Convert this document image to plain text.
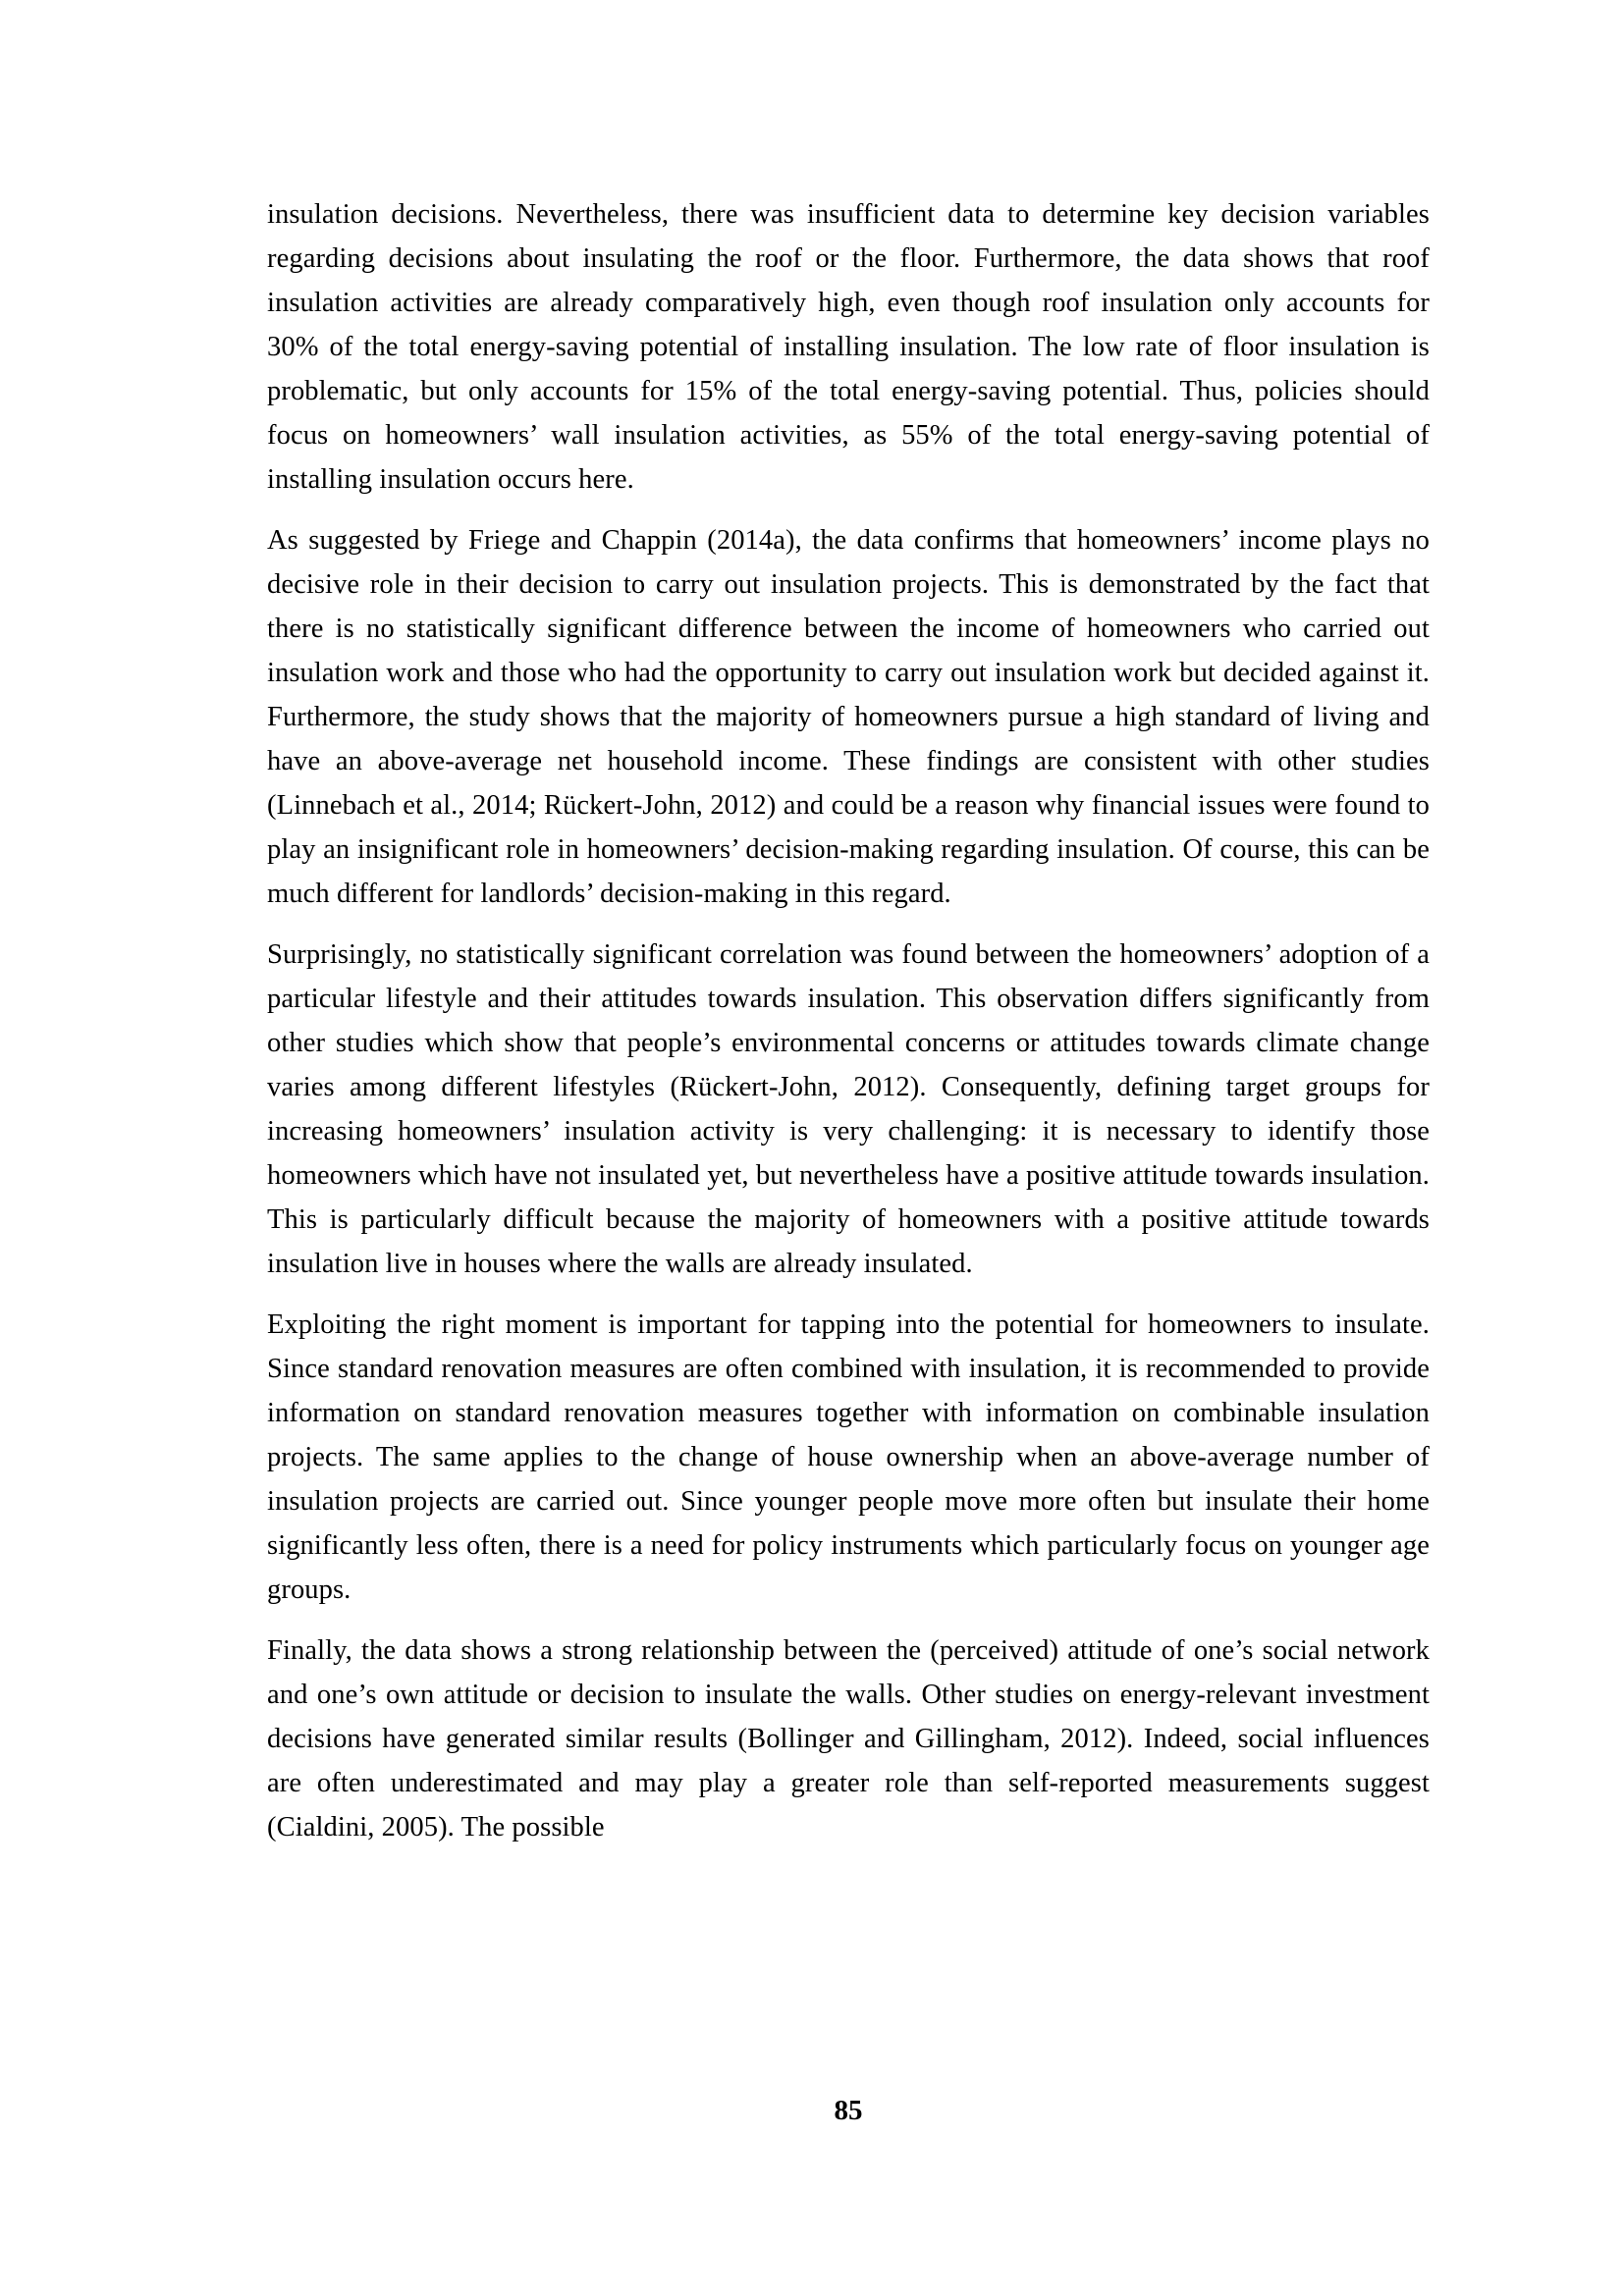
insulation decisions. Nevertheless, there was insufficient data to determine key decision variables regarding decisions about insulating the roof or the floor. Furthermore, the data shows that roof insulation activities are already comparatively high, even though roof insulation only accounts for 30% of the total energy-saving potential of installing insulation. The low rate of floor insulation is problematic, but only accounts for 15% of the total energy-saving potential. Thus, policies should focus on homeowners’ wall insulation activities, as 55% of the total energy-saving potential of installing insulation occurs here.

As suggested by Friege and Chappin (2014a), the data confirms that homeowners’ income plays no decisive role in their decision to carry out insulation projects. This is demonstrated by the fact that there is no statistically significant difference between the income of homeowners who carried out insulation work and those who had the opportunity to carry out insulation work but decided against it. Furthermore, the study shows that the majority of homeowners pursue a high standard of living and have an above-average net household income. These findings are consistent with other studies (Linnebach et al., 2014; Rückert-John, 2012) and could be a reason why financial issues were found to play an insignificant role in homeowners’ decision-making regarding insulation. Of course, this can be much different for landlords’ decision-making in this regard.

Surprisingly, no statistically significant correlation was found between the homeowners’ adoption of a particular lifestyle and their attitudes towards insulation. This observation differs significantly from other studies which show that people’s environmental concerns or attitudes towards climate change varies among different lifestyles (Rückert-John, 2012). Consequently, defining target groups for increasing homeowners’ insulation activity is very challenging: it is necessary to identify those homeowners which have not insulated yet, but nevertheless have a positive attitude towards insulation. This is particularly difficult because the majority of homeowners with a positive attitude towards insulation live in houses where the walls are already insulated.

Exploiting the right moment is important for tapping into the potential for homeowners to insulate. Since standard renovation measures are often combined with insulation, it is recommended to provide information on standard renovation measures together with information on combinable insulation projects. The same applies to the change of house ownership when an above-average number of insulation projects are carried out. Since younger people move more often but insulate their home significantly less often, there is a need for policy instruments which particularly focus on younger age groups.

Finally, the data shows a strong relationship between the (perceived) attitude of one’s social network and one’s own attitude or decision to insulate the walls. Other studies on energy-relevant investment decisions have generated similar results (Bollinger and Gillingham, 2012). Indeed, social influences are often underestimated and may play a greater role than self-reported measurements suggest (Cialdini, 2005). The possible

85
